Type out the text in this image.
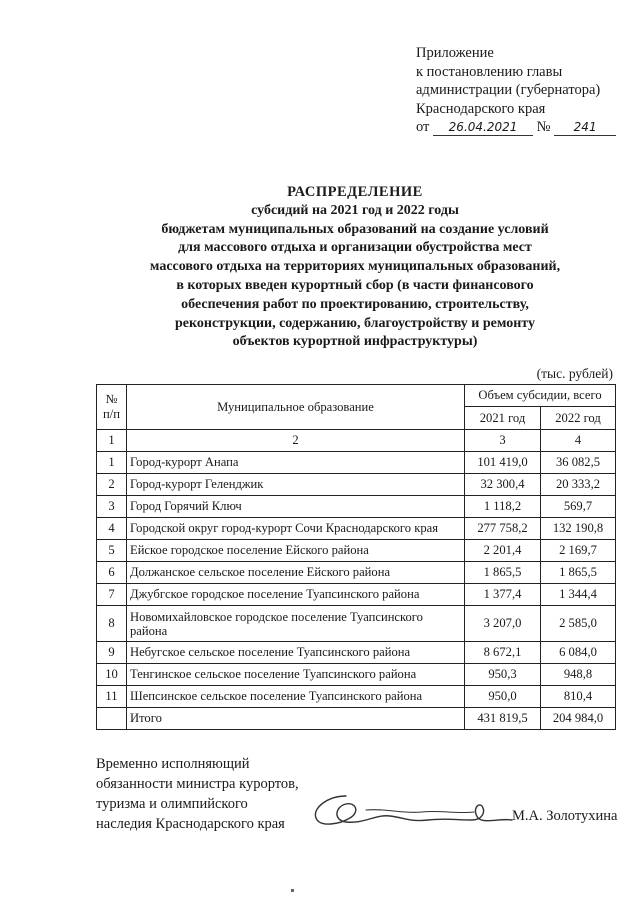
Приложение
к постановлению главы
администрации (губернатора)
Краснодарского края
от 26.04.2021 № 241
РАСПРЕДЕЛЕНИЕ
субсидий на 2021 год и 2022 годы
бюджетам муниципальных образований на создание условий
для массового отдыха и организации обустройства мест
массового отдыха на территориях муниципальных образований,
в которых введен курортный сбор (в части финансового
обеспечения работ по проектированию, строительству,
реконструкции, содержанию, благоустройству и ремонту
объектов курортной инфраструктуры)
(тыс. рублей)
№ п/п	Муниципальное образование	Объем субсидии, всего	
		2021 год	2022 год
1	2	3	4
1	Город-курорт Анапа	101 419,0	36 082,5
2	Город-курорт Геленджик	32 300,4	20 333,2
3	Город Горячий Ключ	1 118,2	569,7
4	Городской округ город-курорт Сочи Краснодарского края	277 758,2	132 190,8
5	Ейское городское поселение Ейского района	2 201,4	2 169,7
6	Должанское сельское поселение Ейского района	1 865,5	1 865,5
7	Джубгское городское поселение Туапсинского района	1 377,4	1 344,4
8	Новомихайловское городское поселение Туапсинского района	3 207,0	2 585,0
9	Небугское сельское поселение Туапсинского района	8 672,1	6 084,0
10	Тенгинское сельское поселение Туапсинского района	950,3	948,8
11	Шепсинское сельское поселение Туапсинского района	950,0	810,4
	Итого	431 819,5	204 984,0
Временно исполняющий
обязанности министра курортов,
туризма и олимпийского
наследия Краснодарского края	М.А. Золотухина
